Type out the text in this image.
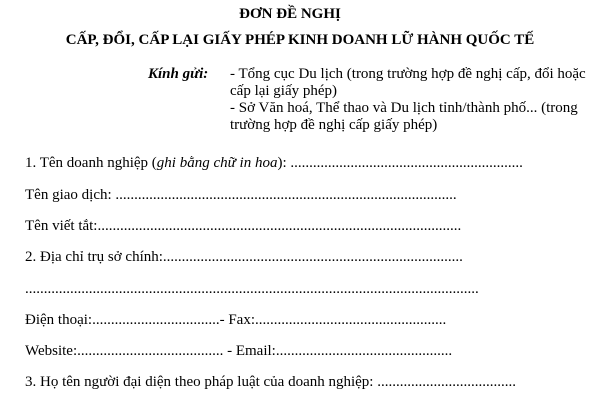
ĐƠN ĐỀ NGHỊ
CẤP, ĐỔI, CẤP LẠI GIẤY PHÉP KINH DOANH LỮ HÀNH QUỐC TẾ
Kính gửi: - Tổng cục Du lịch (trong trường hợp đề nghị cấp, đổi hoặc cấp lại giấy phép)

- Sở Văn hoá, Thể thao và Du lịch tỉnh/thành phố... (trong trường hợp đề nghị cấp giấy phép)

1. Tên doanh nghiệp (ghi bằng chữ in hoa): ..............................................................
Tên giao dịch: ...........................................................................................
Tên viết tắt:.................................................................................................
2. Địa chỉ trụ sở chính:................................................................................
.........................................................................................................................
Điện thoại:..................................- Fax:...................................................
Website:....................................... - Email:...............................................
3. Họ tên người đại diện theo pháp luật của doanh nghiệp: .....................................
